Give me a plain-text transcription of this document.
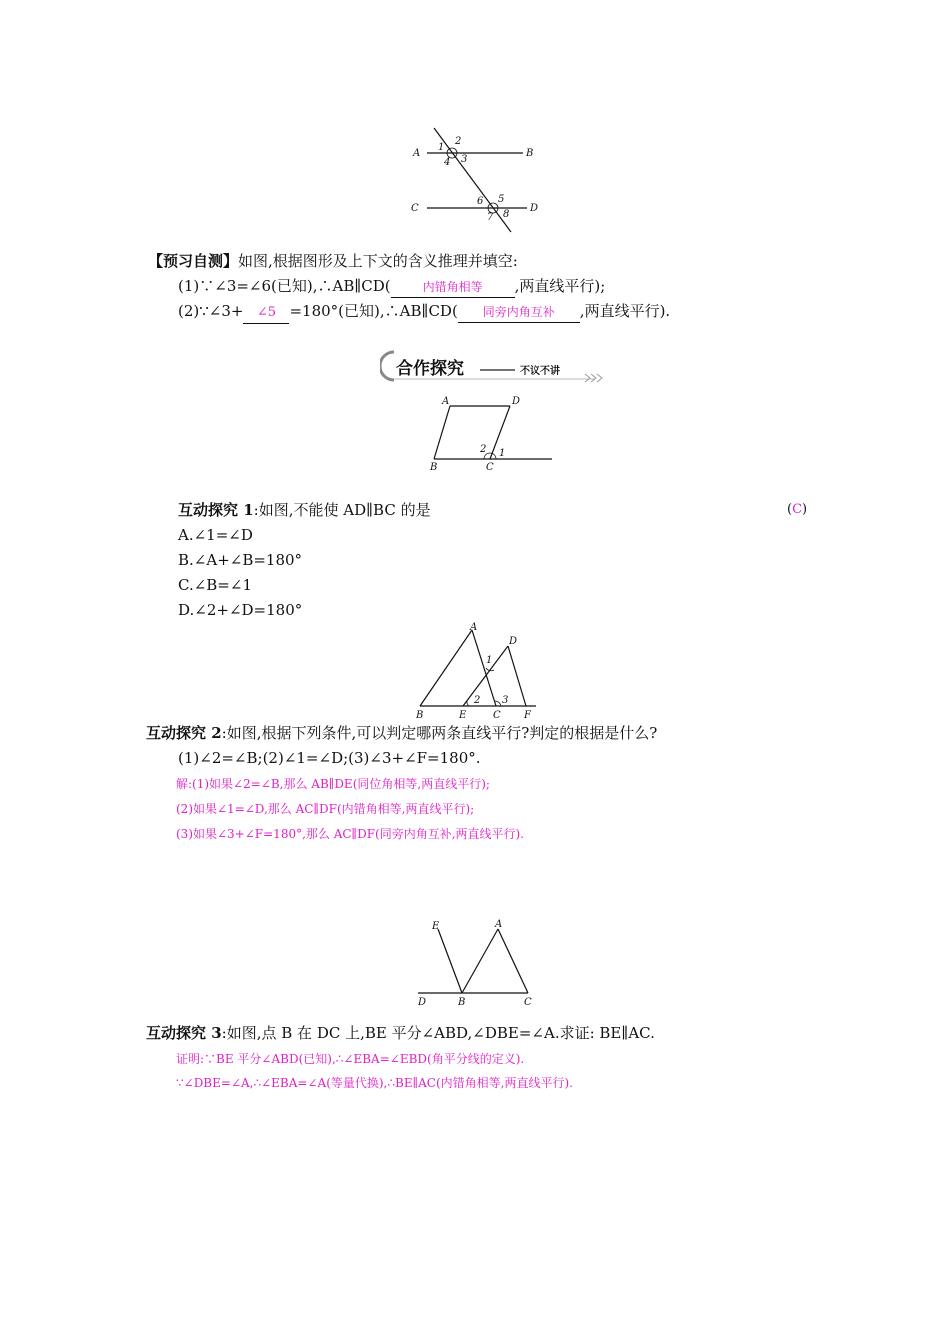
A	B
C	D
1
2
3
4
5
6
7 8
【预习自测】如图,根据图形及上下文的含义推理并填空:
(1)∵∠3=∠6(已知),∴AB∥CD(	内错角相等 ,两直线平行);
(2)∵∠3+ ∠5 =180°(已知),∴AB∥CD( 同旁内角互补 ,两直线平行).
合作探究	不议不讲
A	D
B	C
1
2
互动探究 1:如图,不能使 AD∥BC 的是	(C)
A.∠1=∠D
B.∠A+∠B=180°
C.∠B=∠1
D.∠2+∠D=180°
A
D
1
2 3
B	E	C F
互动探究 2:如图,根据下列条件,可以判定哪两条直线平行?判定的根据是什么?
(1)∠2=∠B;(2)∠1=∠D;(3)∠3+∠F=180°.
解:(1)如果∠2=∠B,那么 AB∥DE(同位角相等,两直线平行);
(2)如果∠1=∠D,那么 AC∥DF(内错角相等,两直线平行);
(3)如果∠3+∠F=180°,那么 AC∥DF(同旁内角互补,两直线平行).
E	A
D	B	C
互动探究 3:如图,点 B 在 DC 上,BE 平分∠ABD,∠DBE=∠A.求证: BE∥AC.
证明:∵BE 平分∠ABD(已知),∴∠EBA=∠EBD(角平分线的定义).
∵∠DBE=∠A,∴∠EBA=∠A(等量代换),∴BE∥AC(内错角相等,两直线平行).
